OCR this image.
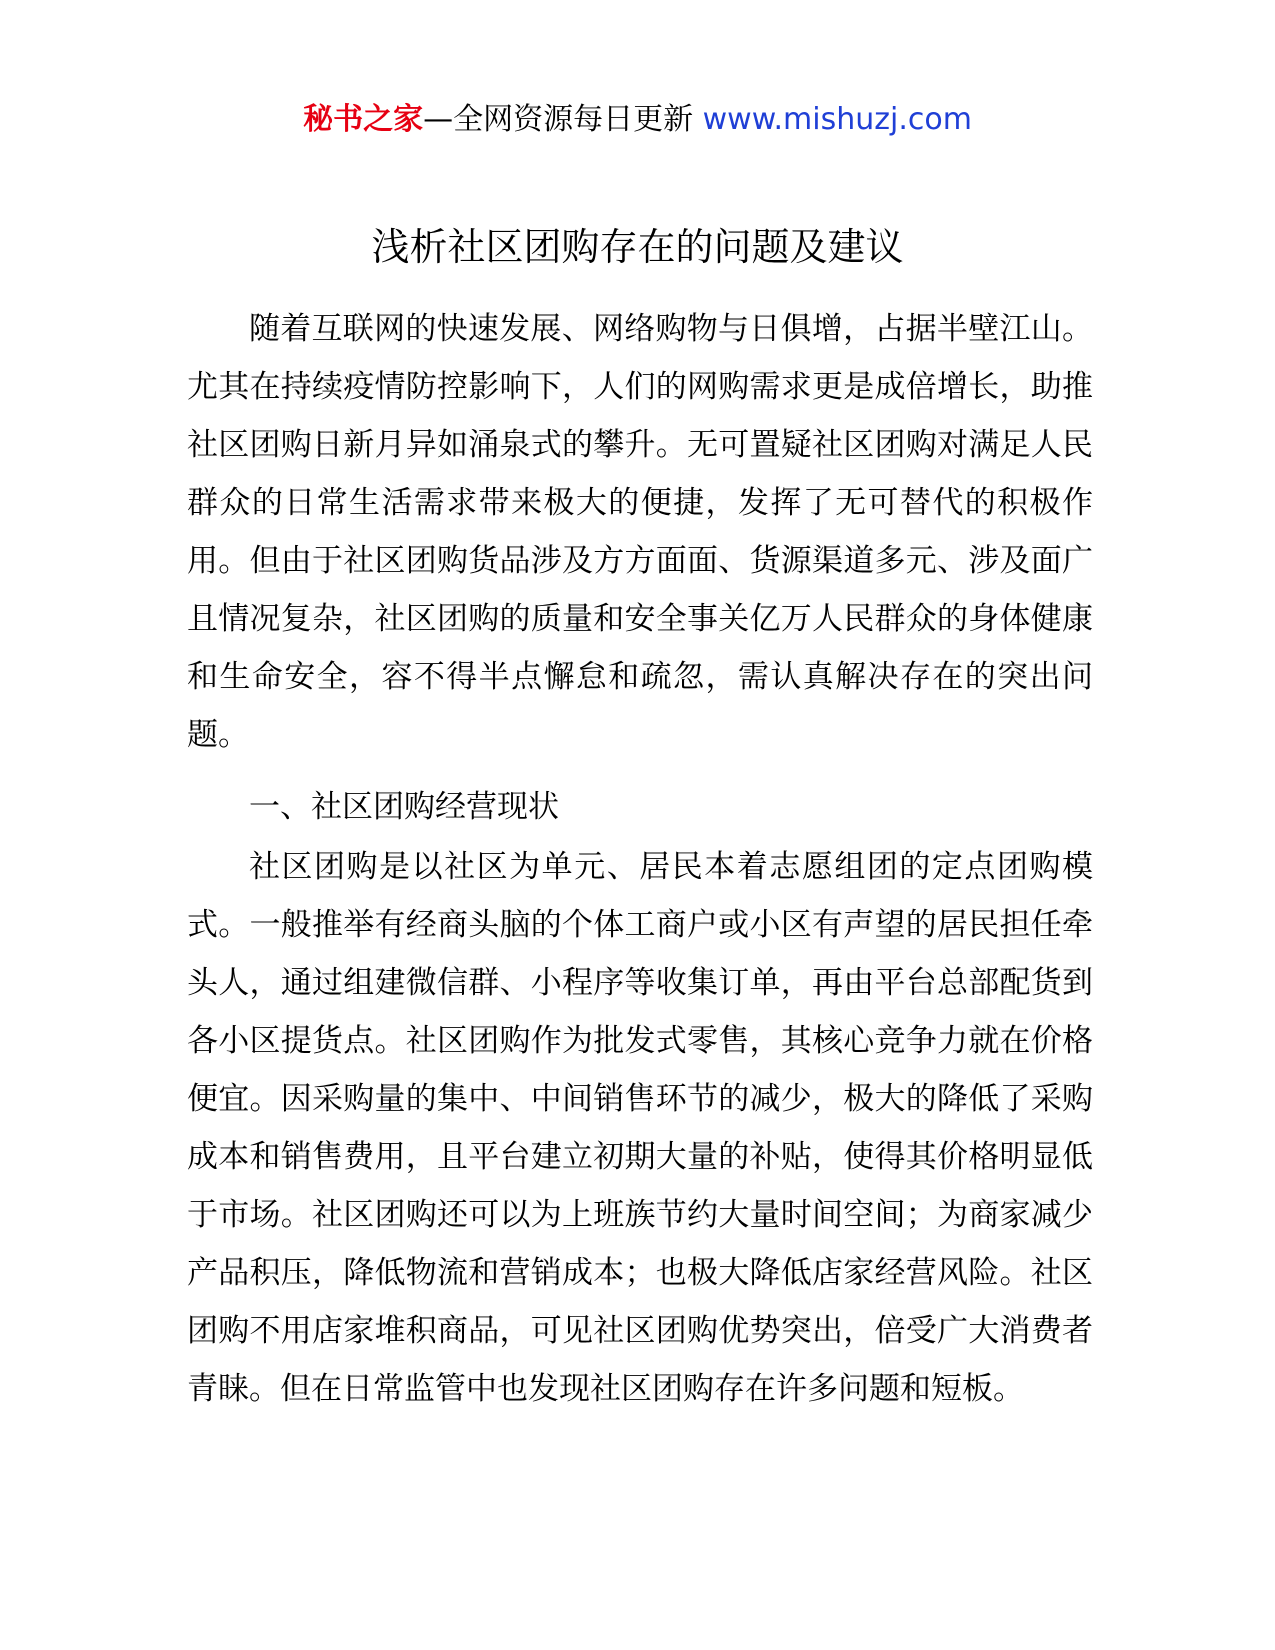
秘书之家—全网资源每日更新 www.mishuzj.com
浅析社区团购存在的问题及建议

随着互联网的快速发展、网络购物与日俱增，占据半壁江山。尤其在持续疫情防控影响下，人们的网购需求更是成倍增长，助推社区团购日新月异如涌泉式的攀升。无可置疑社区团购对满足人民群众的日常生活需求带来极大的便捷，发挥了无可替代的积极作用。但由于社区团购货品涉及方方面面、货源渠道多元、涉及面广且情况复杂，社区团购的质量和安全事关亿万人民群众的身体健康和生命安全，容不得半点懈怠和疏忽，需认真解决存在的突出问题。

一、社区团购经营现状

社区团购是以社区为单元、居民本着志愿组团的定点团购模式。一般推举有经商头脑的个体工商户或小区有声望的居民担任牵头人，通过组建微信群、小程序等收集订单，再由平台总部配货到各小区提货点。社区团购作为批发式零售，其核心竞争力就在价格便宜。因采购量的集中、中间销售环节的减少，极大的降低了采购成本和销售费用，且平台建立初期大量的补贴，使得其价格明显低于市场。社区团购还可以为上班族节约大量时间空间；为商家减少产品积压，降低物流和营销成本；也极大降低店家经营风险。社区团购不用店家堆积商品，可见社区团购优势突出，倍受广大消费者青睐。但在日常监管中也发现社区团购存在许多问题和短板。
